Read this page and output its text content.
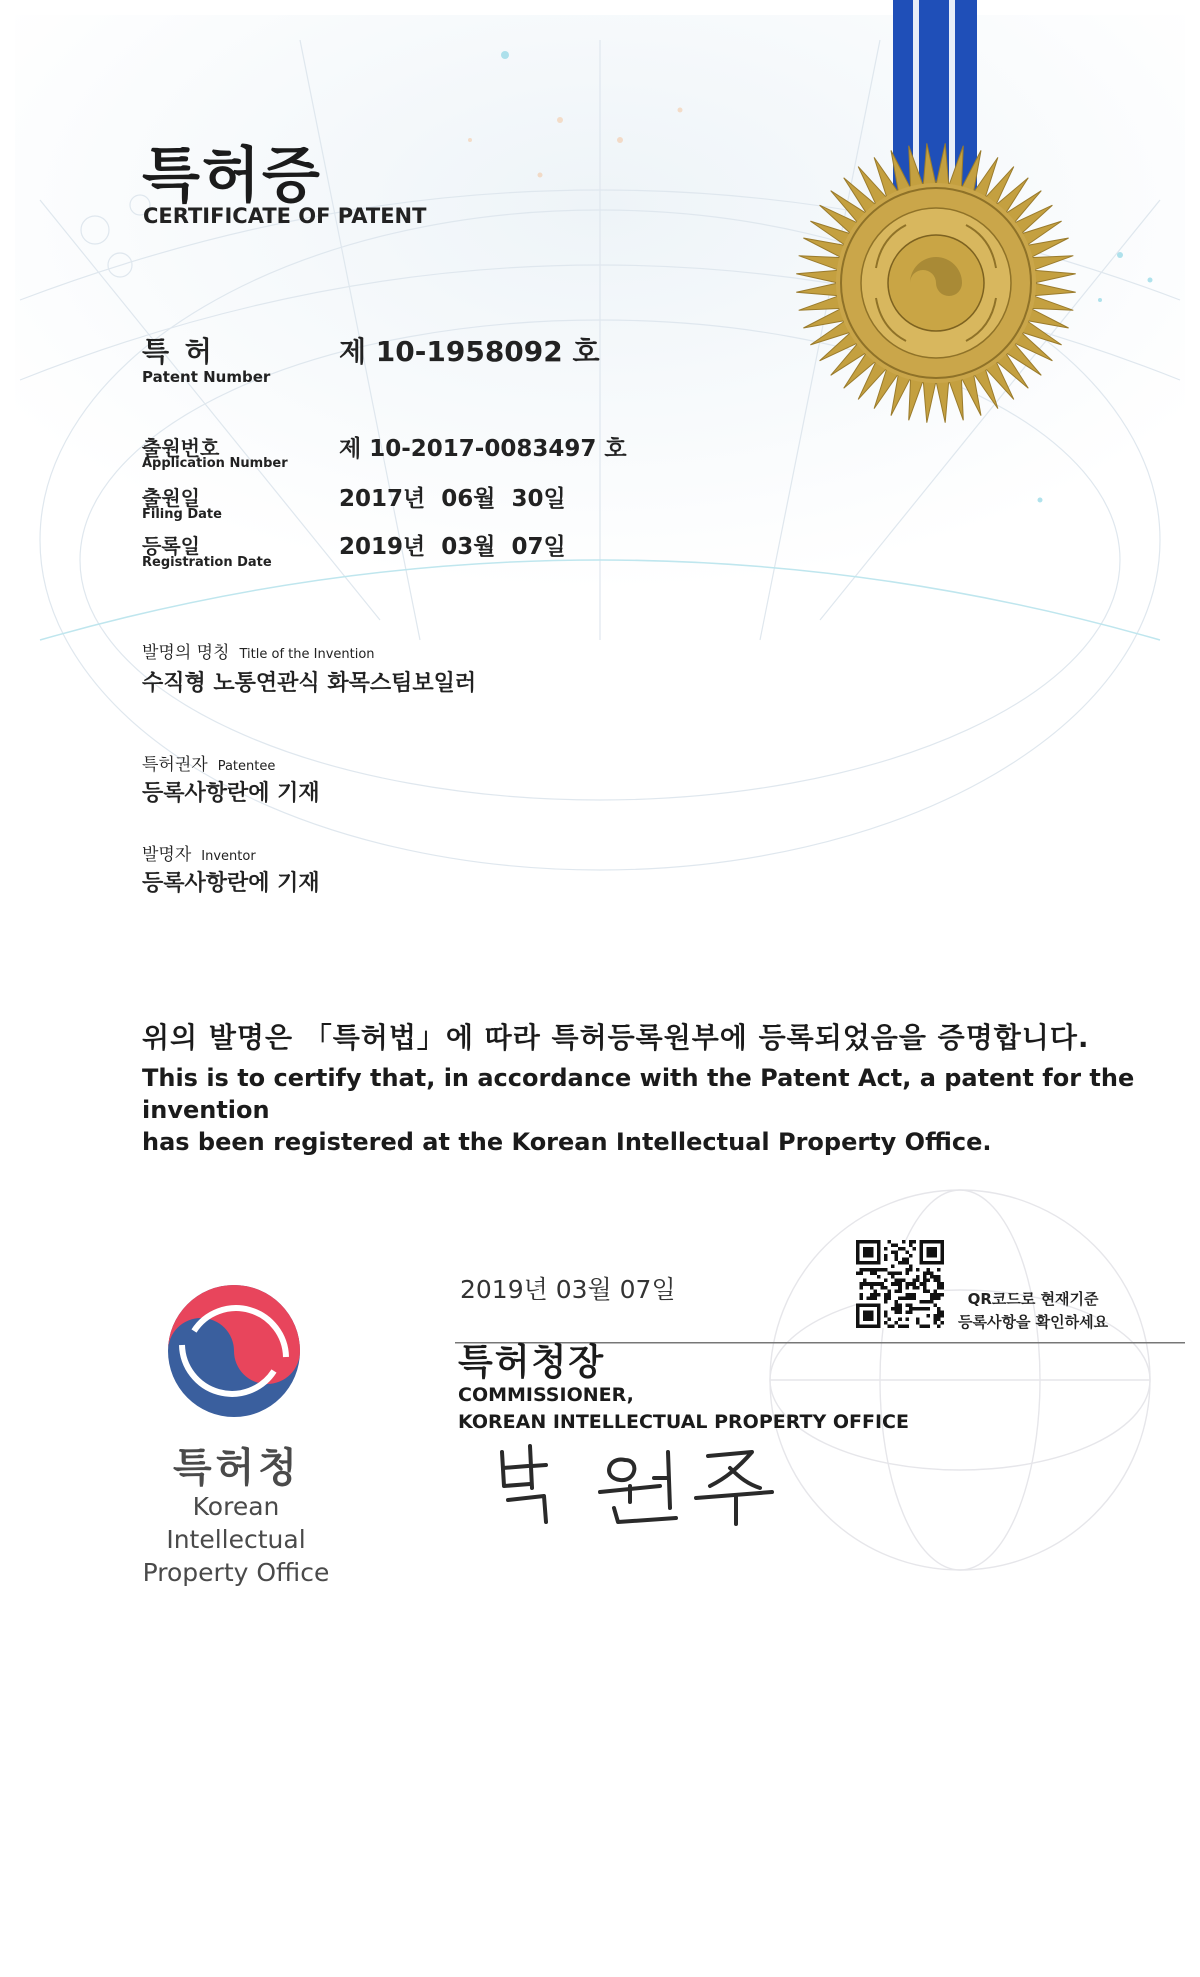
특허증
CERTIFICATE OF PATENT
특 허
Patent Number
제 10-1958092 호
출원번호
Application Number
제 10-2017-0083497 호
출원일
Filing Date
2017년  06월  30일
등록일
Registration Date
2019년  03월  07일
발명의 명칭 Title of the Invention
수직형 노통연관식 화목스팀보일러
특허권자 Patentee
등록사항란에 기재
발명자 Inventor
등록사항란에 기재
위의 발명은 「특허법」에 따라 특허등록원부에 등록되었음을 증명합니다.
This is to certify that, in accordance with the Patent Act, a patent for the invention
has been registered at the Korean Intellectual Property Office.
2019년 03월 07일	QR코드로 현재기준
등록사항을 확인하세요
특허청장
COMMISSIONER,
KOREAN INTELLECTUAL PROPERTY OFFICE
특허청
Korean Intellectual
Property Office
